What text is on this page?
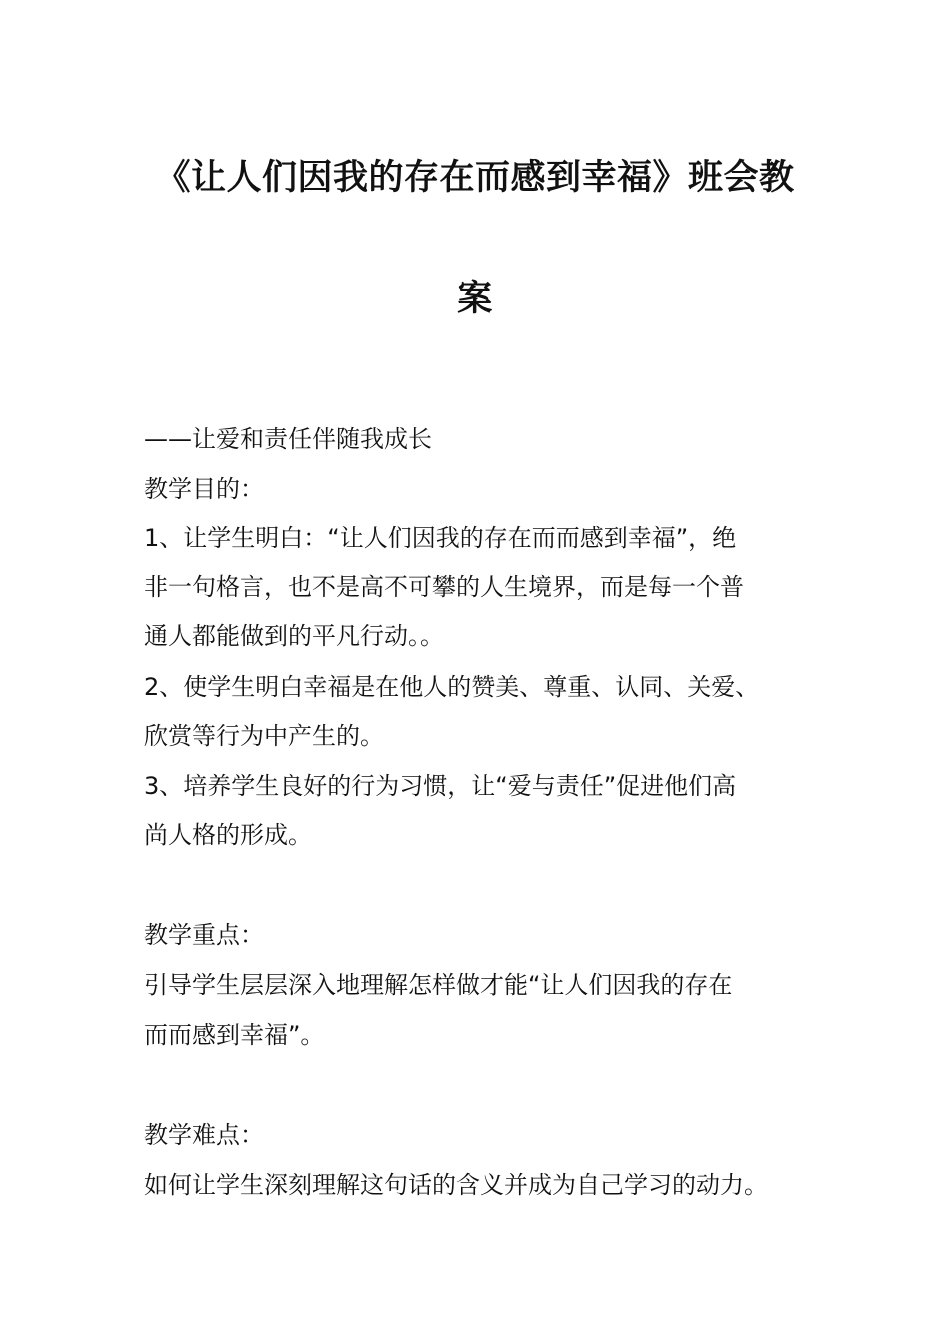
《让人们因我的存在而感到幸福》班会教
案
——让爱和责任伴随我成长
教学目的：
1、让学生明白：“让人们因我的存在而而感到幸福”，绝
非一句格言，也不是高不可攀的人生境界，而是每一个普
通人都能做到的平凡行动。。
2、使学生明白幸福是在他人的赞美、尊重、认同、关爱、
欣赏等行为中产生的。
3、培养学生良好的行为习惯，让“爱与责任”促进他们高
尚人格的形成。
教学重点：
引导学生层层深入地理解怎样做才能“让人们因我的存在
而而感到幸福”。
教学难点：
如何让学生深刻理解这句话的含义并成为自己学习的动力。
